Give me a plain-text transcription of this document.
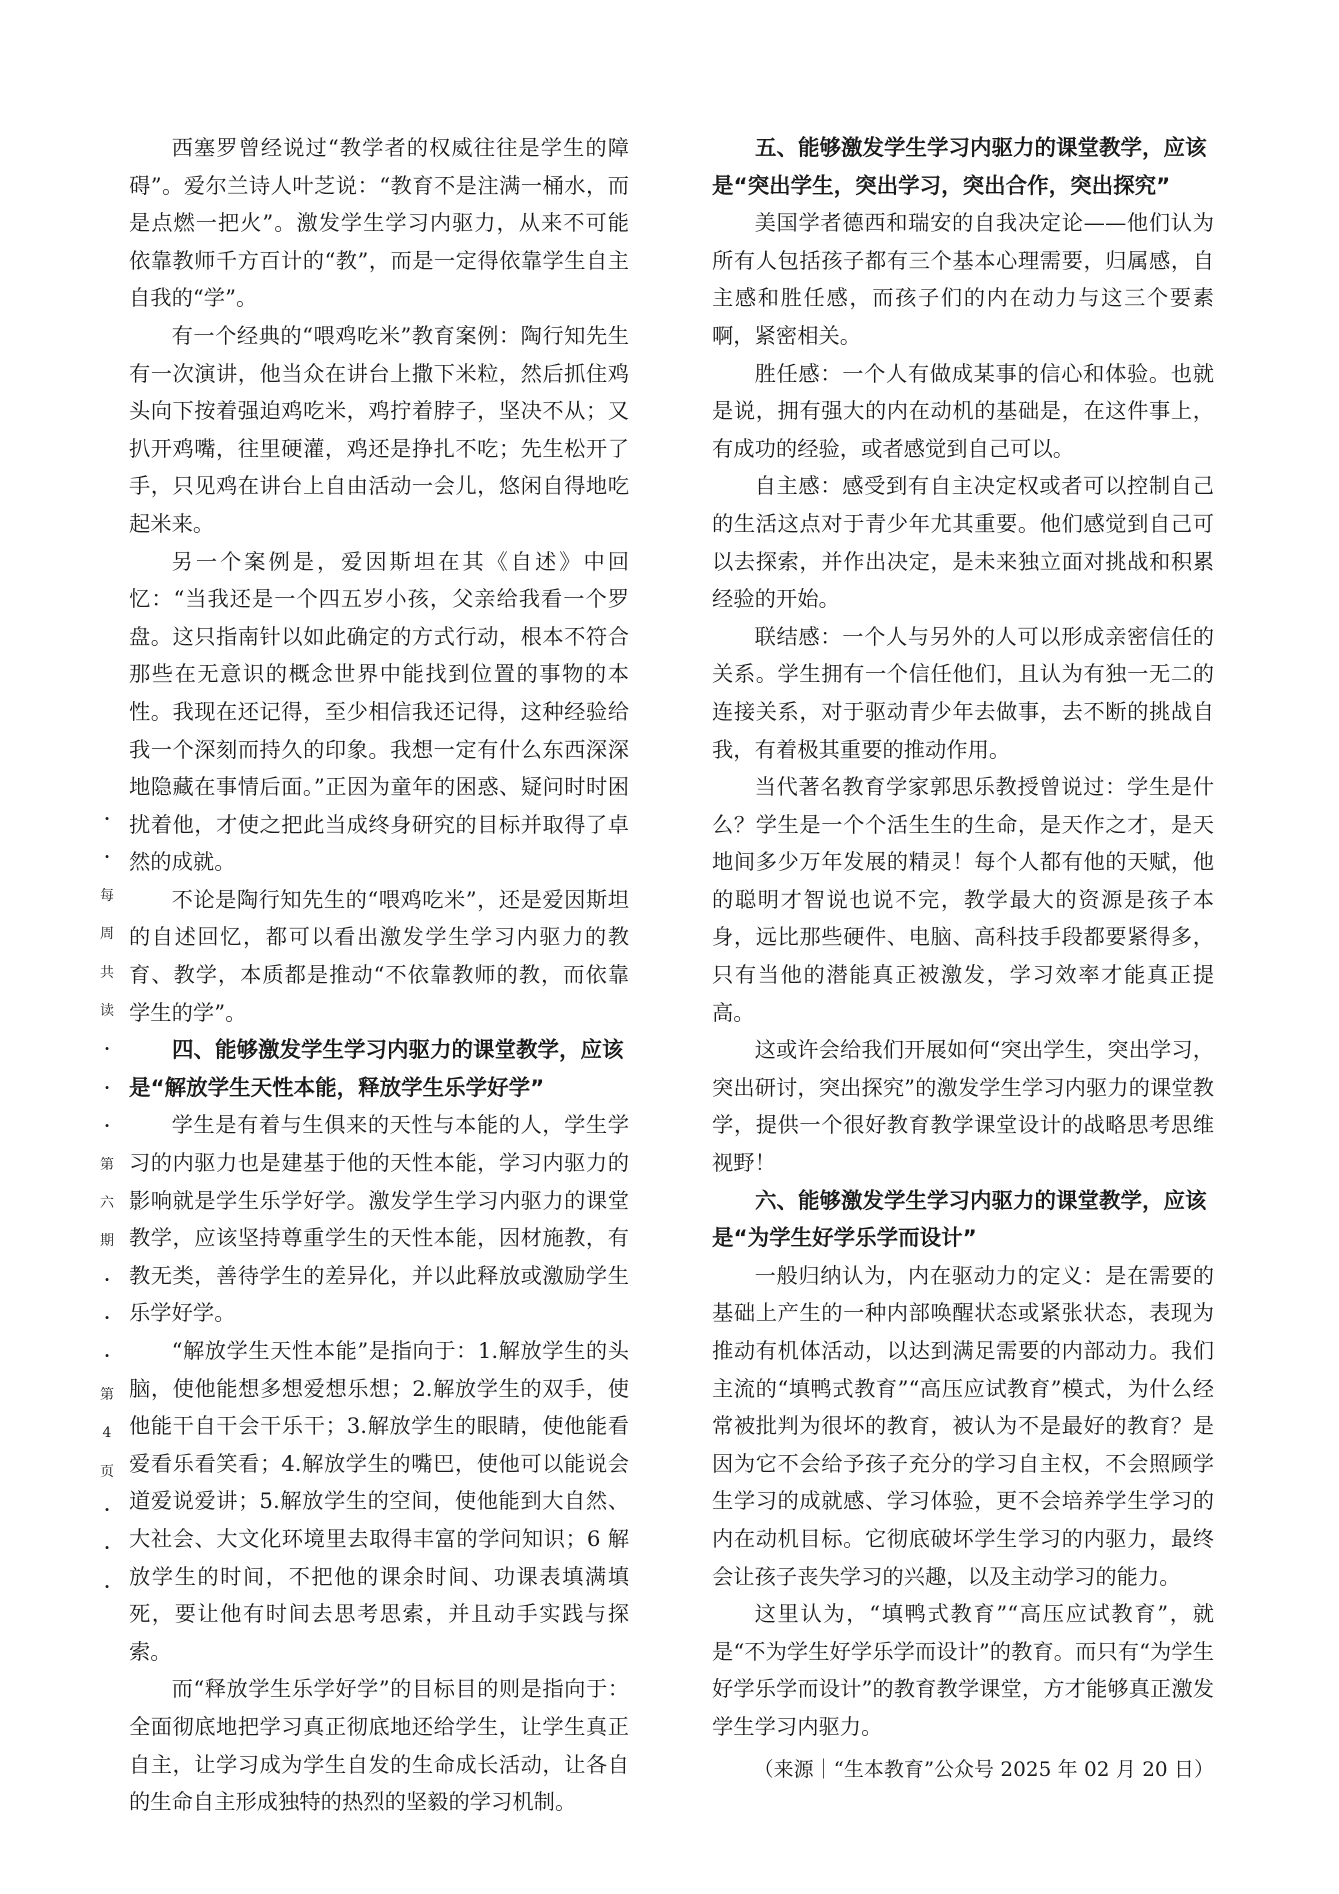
·
·
每
周
共
读
·
·
·
第
六
期
·
·
·
第
4
页
·
·
·

西塞罗曾经说过“教学者的权威往往是学生的障碍”。爱尔兰诗人叶芝说：“教育不是注满一桶水，而是点燃一把火”。激发学生学习内驱力，从来不可能依靠教师千方百计的“教”，而是一定得依靠学生自主自我的“学”。

有一个经典的“喂鸡吃米”教育案例：陶行知先生有一次演讲，他当众在讲台上撒下米粒，然后抓住鸡头向下按着强迫鸡吃米，鸡拧着脖子，坚决不从；又扒开鸡嘴，往里硬灌，鸡还是挣扎不吃；先生松开了手，只见鸡在讲台上自由活动一会儿，悠闲自得地吃起米来。

另一个案例是，爱因斯坦在其《自述》中回忆：“当我还是一个四五岁小孩，父亲给我看一个罗盘。这只指南针以如此确定的方式行动，根本不符合那些在无意识的概念世界中能找到位置的事物的本性。我现在还记得，至少相信我还记得，这种经验给我一个深刻而持久的印象。我想一定有什么东西深深地隐藏在事情后面。”正因为童年的困惑、疑问时时困扰着他，才使之把此当成终身研究的目标并取得了卓然的成就。

不论是陶行知先生的“喂鸡吃米”，还是爱因斯坦的自述回忆，都可以看出激发学生学习内驱力的教育、教学，本质都是推动“不依靠教师的教，而依靠学生的学”。

四、能够激发学生学习内驱力的课堂教学，应该是“解放学生天性本能，释放学生乐学好学”

学生是有着与生俱来的天性与本能的人，学生学习的内驱力也是建基于他的天性本能，学习内驱力的影响就是学生乐学好学。激发学生学习内驱力的课堂教学，应该坚持尊重学生的天性本能，因材施教，有教无类，善待学生的差异化，并以此释放或激励学生乐学好学。

“解放学生天性本能”是指向于：1.解放学生的头脑，使他能想多想爱想乐想；2.解放学生的双手，使他能干自干会干乐干；3.解放学生的眼睛，使他能看爱看乐看笑看；4.解放学生的嘴巴，使他可以能说会道爱说爱讲；5.解放学生的空间，使他能到大自然、大社会、大文化环境里去取得丰富的学问知识；6 解放学生的时间，不把他的课余时间、功课表填满填死，要让他有时间去思考思索，并且动手实践与探索。

而“释放学生乐学好学”的目标目的则是指向于：全面彻底地把学习真正彻底地还给学生，让学生真正自主，让学习成为学生自发的生命成长活动，让各自的生命自主形成独特的热烈的坚毅的学习机制。

五、能够激发学生学习内驱力的课堂教学，应该是“突出学生，突出学习，突出合作，突出探究”

美国学者德西和瑞安的自我决定论——他们认为所有人包括孩子都有三个基本心理需要，归属感，自主感和胜任感，而孩子们的内在动力与这三个要素啊，紧密相关。

胜任感：一个人有做成某事的信心和体验。也就是说，拥有强大的内在动机的基础是，在这件事上，有成功的经验，或者感觉到自己可以。

自主感：感受到有自主决定权或者可以控制自己的生活这点对于青少年尤其重要。他们感觉到自己可以去探索，并作出决定，是未来独立面对挑战和积累经验的开始。

联结感：一个人与另外的人可以形成亲密信任的关系。学生拥有一个信任他们，且认为有独一无二的连接关系，对于驱动青少年去做事，去不断的挑战自我，有着极其重要的推动作用。

当代著名教育学家郭思乐教授曾说过：学生是什么？学生是一个个活生生的生命，是天作之才，是天地间多少万年发展的精灵！每个人都有他的天赋，他的聪明才智说也说不完，教学最大的资源是孩子本身，远比那些硬件、电脑、高科技手段都要紧得多，只有当他的潜能真正被激发，学习效率才能真正提高。

这或许会给我们开展如何“突出学生，突出学习，突出研讨，突出探究”的激发学生学习内驱力的课堂教学，提供一个很好教育教学课堂设计的战略思考思维视野！

六、能够激发学生学习内驱力的课堂教学，应该是“为学生好学乐学而设计”

一般归纳认为，内在驱动力的定义：是在需要的基础上产生的一种内部唤醒状态或紧张状态，表现为推动有机体活动，以达到满足需要的内部动力。我们主流的“填鸭式教育”“高压应试教育”模式，为什么经常被批判为很坏的教育，被认为不是最好的教育？是因为它不会给予孩子充分的学习自主权，不会照顾学生学习的成就感、学习体验，更不会培养学生学习的内在动机目标。它彻底破坏学生学习的内驱力，最终会让孩子丧失学习的兴趣，以及主动学习的能力。

这里认为，“填鸭式教育”“高压应试教育”，就是“不为学生好学乐学而设计”的教育。而只有“为学生好学乐学而设计”的教育教学课堂，方才能够真正激发学生学习内驱力。

（来源｜“生本教育”公众号 2025 年 02 月 20 日）
